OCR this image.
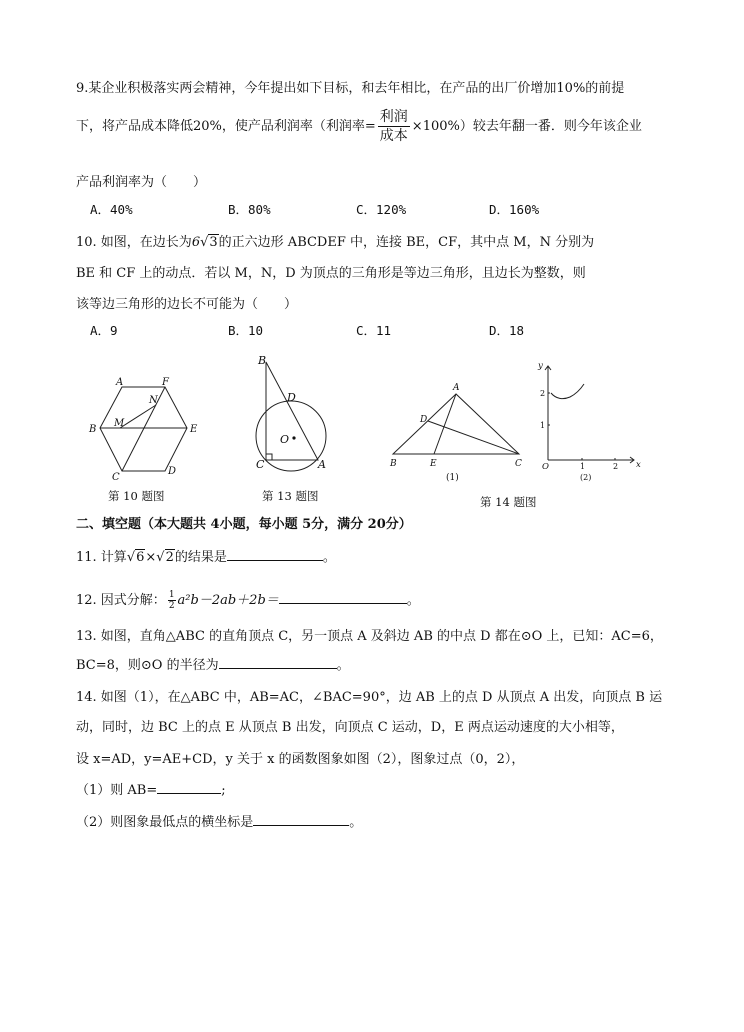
9.某企业积极落实两会精神，今年提出如下目标，和去年相比，在产品的出厂价增加10%的前提
下，将产品成本降低20%，使产品利润率（利润率= $\frac{\text{利润}}{\text{成本}} \times 100\%$）较去年翻一番．则今年该企业
产品利润率为（　　）
A．40%	B．80%	C．120%	D．160%
10. 如图，在边长为6√3的正六边形 ABCDEF 中，连接 BE，CF，其中点 M，N 分别为
BE 和 CF 上的动点．若以 M，N，D 为顶点的三角形是等边三角形，且边长为整数，则
该等边三角形的边长不可能为（　　）
A．9	B．10	C．11	D．18
A	F
N
B
M
E
C
D
B
D
O
C	A
A
D
B	E	C
(1)
y
x
O
2
1
1	2
(2)
第 10 题图	第 13 题图	第 14 题图
二、填空题（本大题共 4小题，每小题 5分，满分 20分）
11. 计算√6×√2的结果是	。
12. 因式分解： $\frac{1}{2} a^2b-2ab+2b=$	。
13. 如图，直角△ABC 的直角顶点 C，另一顶点 A 及斜边 AB 的中点 D 都在⊙O 上，已知：AC=6，
BC=8，则⊙O 的半径为	。
14. 如图（1），在△ABC 中，AB=AC，∠BAC=90°，边 AB 上的点 D 从顶点 A 出发，向顶点 B 运
动，同时，边 BC 上的点 E 从顶点 B 出发，向顶点 C 运动，D，E 两点运动速度的大小相等，
设 x=AD，y=AE+CD，y 关于 x 的函数图象如图（2），图象过点（0，2），
（1）则 AB=	;
（2）则图象最低点的横坐标是	。
